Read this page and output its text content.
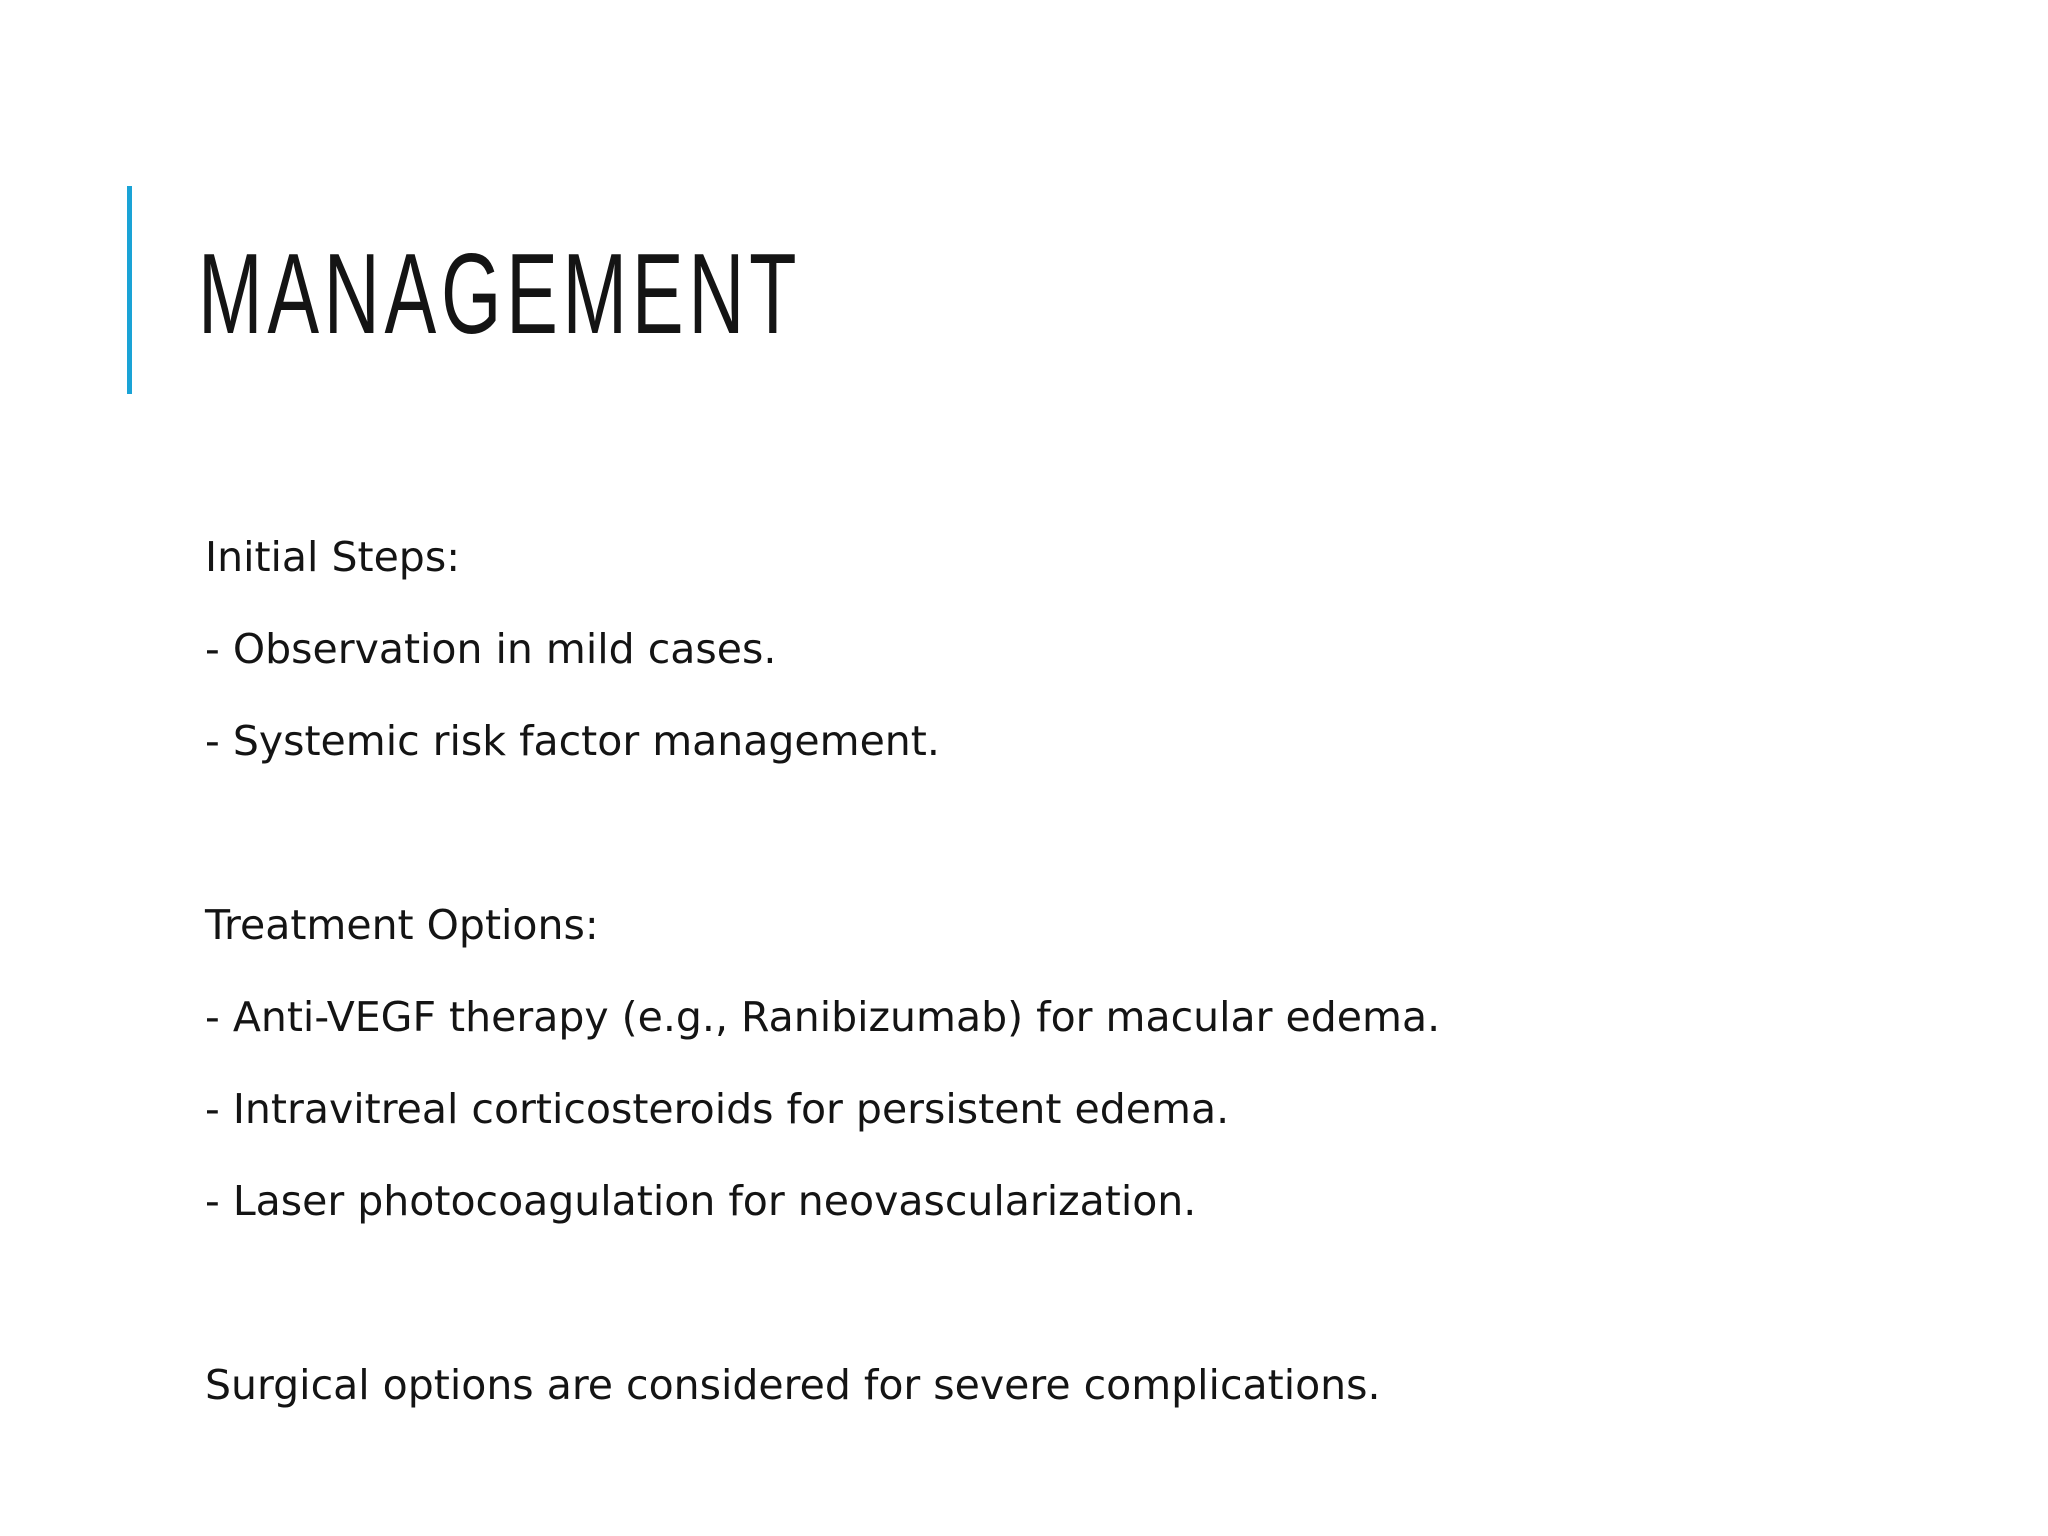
MANAGEMENT
Initial Steps:
- Observation in mild cases.
- Systemic risk factor management.
Treatment Options:
- Anti-VEGF therapy (e.g., Ranibizumab) for macular edema.
- Intravitreal corticosteroids for persistent edema.
- Laser photocoagulation for neovascularization.
Surgical options are considered for severe complications.
